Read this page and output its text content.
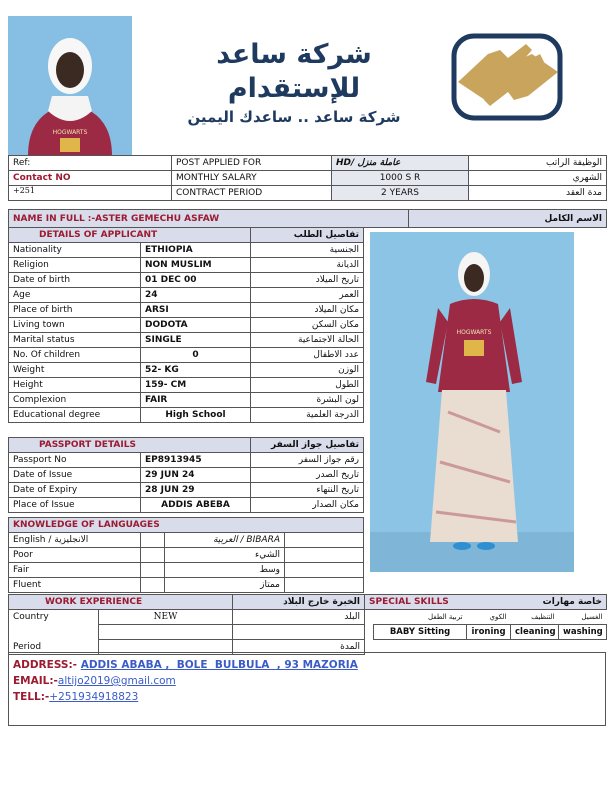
HOGWARTS
شركة ساعد للإستقدام
شركة ساعد .. ساعدك اليمين
Ref:	POST APPLIED FOR	HD/ عاملة منزل	الوظيفة الراتب
Contact NO	MONTHLY SALARY	1000 S R	الشهري
+251	CONTRACT PERIOD	2 YEARS	مدة العقد
NAME IN FULL :-ASTER GEMECHU ASFAW	الاسم الكامل
DETAILS OF APPLICANT		تفاصيل الطلب
Nationality	ETHIOPIA	الجنسية
Religion	NON MUSLIM	الديانة
Date of birth	01 DEC 00	تاريخ الميلاد
Age	24	العمر
Place of birth	ARSI	مكان الميلاد
Living town	DODOTA	مكان السكن
Marital status	SINGLE	الحالة الاجتماعية
No. Of children	0	عدد الاطفال
Weight	52- KG	الوزن
Height	159- CM	الطول
Complexion	FAIR	لون البشرة
Educational degree	High School	الدرجة العلمية
PASSPORT DETAILS		تفاصيل جواز السفر
Passport No	EP8913945	رقم جواز السفر
Date of Issue	29 JUN 24	تاريخ الصدر
Date of Expiry	28 JUN 29	تاريخ النتهاء
Place of Issue	ADDIS ABEBA	مكان الصدار
KNOWLEDGE OF LANGUAGES			
English / الانجليزية		BIBARA / العربية	
Poor		الشيء	
Fair		وسط	
Fluent		ممتاز	
HOGWARTS
WORK EXPERIENCE		الخبرة خارج البلاد	SPECIAL SKILLS خاصة مهارات					

Country	NEW	البلد			تربية الطفل	الكوي	التنظيف	الغسيل
				BABY Sitting		ironing	cleaning	washing
Period		المدة						
ADDRESS:- ADDIS ABABA ,  BOLE  BULBULA  , 93 MAZORIA
EMAIL:-altijo2019@gmail.com
TELL:-+251934918823
